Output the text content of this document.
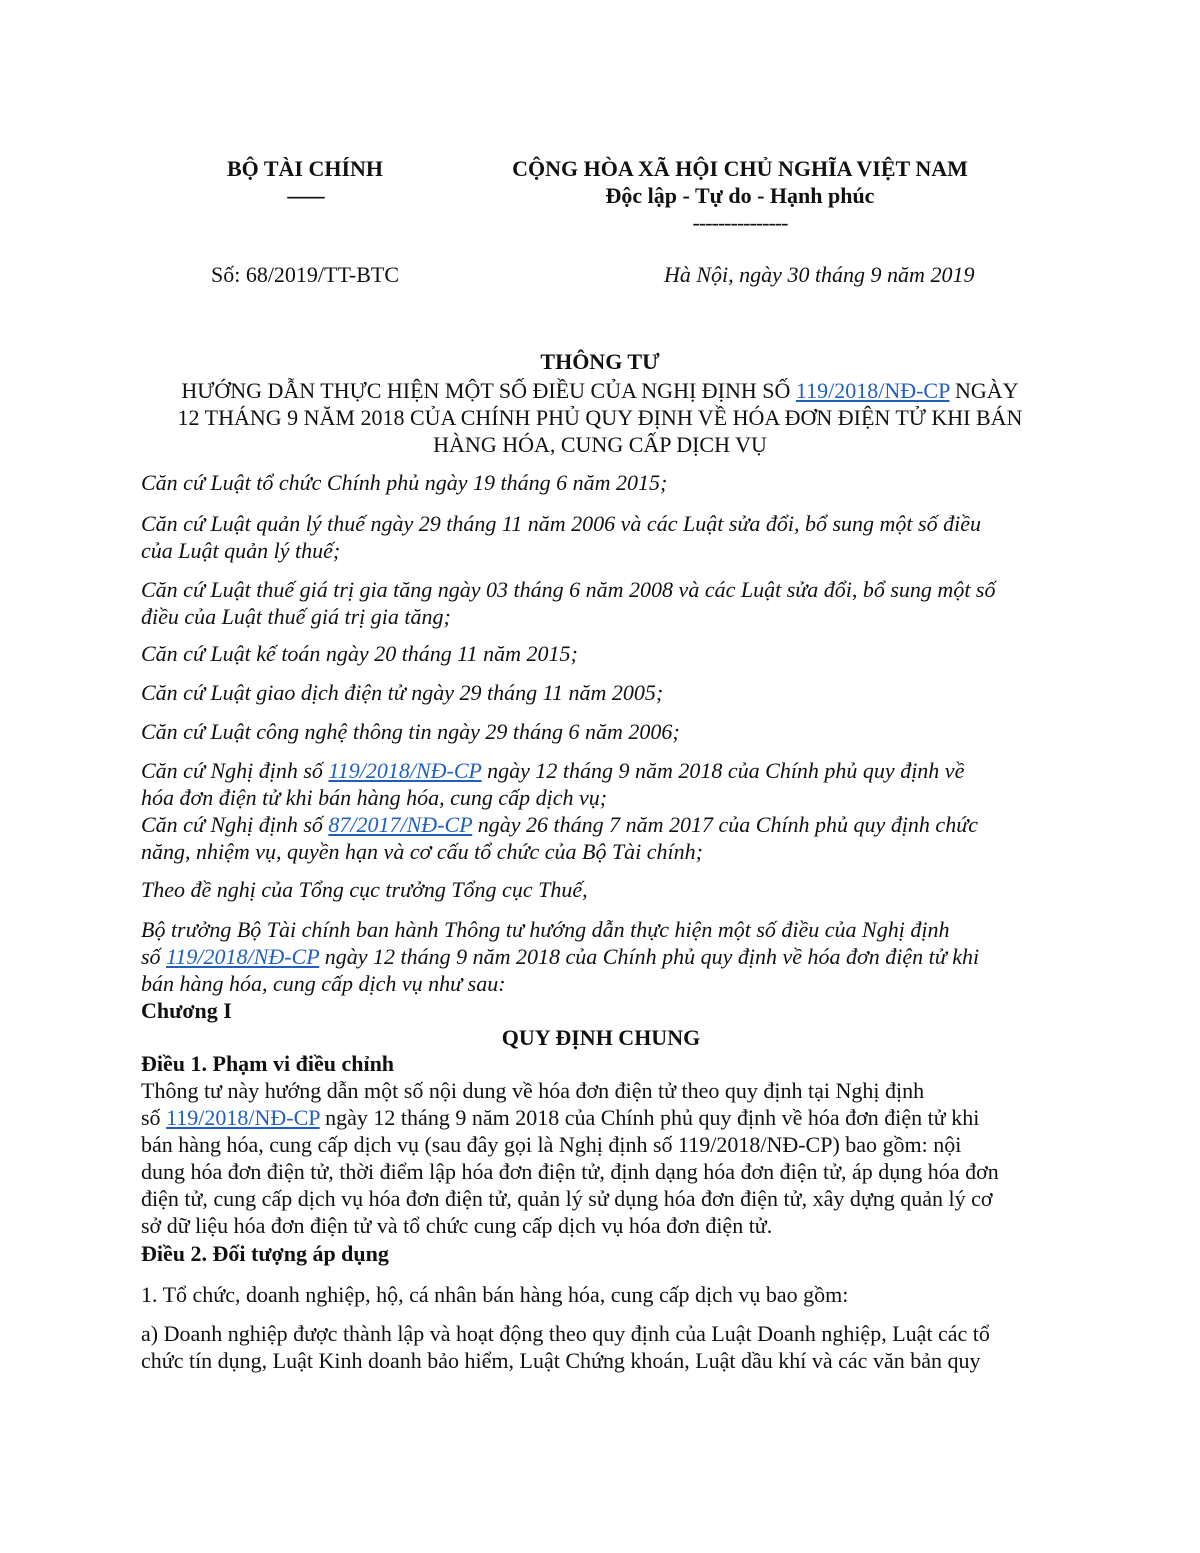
BỘ TÀI CHÍNH
-------
CỘNG HÒA XÃ HỘI CHỦ NGHĨA VIỆT NAM
Độc lập - Tự do - Hạnh phúc
---------------
Số: 68/2019/TT-BTC	Hà Nội, ngày 30 tháng 9 năm 2019
THÔNG TƯ
HƯỚNG DẪN THỰC HIỆN MỘT SỐ ĐIỀU CỦA NGHỊ ĐỊNH SỐ 119/2018/NĐ-CP NGÀY
12 THÁNG 9 NĂM 2018 CỦA CHÍNH PHỦ QUY ĐỊNH VỀ HÓA ĐƠN ĐIỆN TỬ KHI BÁN
HÀNG HÓA, CUNG CẤP DỊCH VỤ
Căn cứ Luật tổ chức Chính phủ ngày 19 tháng 6 năm 2015;
Căn cứ Luật quản lý thuế ngày 29 tháng 11 năm 2006 và các Luật sửa đổi, bổ sung một số điều
của Luật quản lý thuế;
Căn cứ Luật thuế giá trị gia tăng ngày 03 tháng 6 năm 2008 và các Luật sửa đổi, bổ sung một số
điều của Luật thuế giá trị gia tăng;
Căn cứ Luật kế toán ngày 20 tháng 11 năm 2015;
Căn cứ Luật giao dịch điện tử ngày 29 tháng 11 năm 2005;
Căn cứ Luật công nghệ thông tin ngày 29 tháng 6 năm 2006;
Căn cứ Nghị định số 119/2018/NĐ-CP ngày 12 tháng 9 năm 2018 của Chính phủ quy định về
hóa đơn điện tử khi bán hàng hóa, cung cấp dịch vụ;
Căn cứ Nghị định số 87/2017/NĐ-CP ngày 26 tháng 7 năm 2017 của Chính phủ quy định chức
năng, nhiệm vụ, quyền hạn và cơ cấu tổ chức của Bộ Tài chính;
Theo đề nghị của Tổng cục trưởng Tổng cục Thuế,
Bộ trưởng Bộ Tài chính ban hành Thông tư hướng dẫn thực hiện một số điều của Nghị định
số 119/2018/NĐ-CP ngày 12 tháng 9 năm 2018 của Chính phủ quy định về hóa đơn điện tử khi
bán hàng hóa, cung cấp dịch vụ như sau:
Chương I
QUY ĐỊNH CHUNG
Điều 1. Phạm vi điều chỉnh
Thông tư này hướng dẫn một số nội dung về hóa đơn điện tử theo quy định tại Nghị định
số 119/2018/NĐ-CP ngày 12 tháng 9 năm 2018 của Chính phủ quy định về hóa đơn điện tử khi
bán hàng hóa, cung cấp dịch vụ (sau đây gọi là Nghị định số 119/2018/NĐ-CP) bao gồm: nội
dung hóa đơn điện tử, thời điểm lập hóa đơn điện tử, định dạng hóa đơn điện tử, áp dụng hóa đơn
điện tử, cung cấp dịch vụ hóa đơn điện tử, quản lý sử dụng hóa đơn điện tử, xây dựng quản lý cơ
sở dữ liệu hóa đơn điện tử và tổ chức cung cấp dịch vụ hóa đơn điện tử.
Điều 2. Đối tượng áp dụng
1. Tổ chức, doanh nghiệp, hộ, cá nhân bán hàng hóa, cung cấp dịch vụ bao gồm:
a) Doanh nghiệp được thành lập và hoạt động theo quy định của Luật Doanh nghiệp, Luật các tổ
chức tín dụng, Luật Kinh doanh bảo hiểm, Luật Chứng khoán, Luật dầu khí và các văn bản quy
